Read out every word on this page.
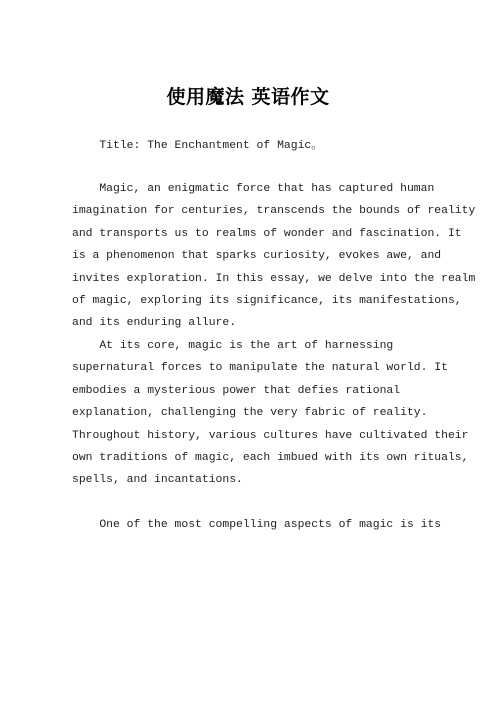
使用魔法 英语作文
Title: The Enchantment of Magic。
Magic, an enigmatic force that has captured human
imagination for centuries, transcends the bounds of reality
and transports us to realms of wonder and fascination. It
is a phenomenon that sparks curiosity, evokes awe, and
invites exploration. In this essay, we delve into the realm
of magic, exploring its significance, its manifestations,
and its enduring allure.
At its core, magic is the art of harnessing
supernatural forces to manipulate the natural world. It
embodies a mysterious power that defies rational
explanation, challenging the very fabric of reality.
Throughout history, various cultures have cultivated their
own traditions of magic, each imbued with its own rituals,
spells, and incantations.
One of the most compelling aspects of magic is its
